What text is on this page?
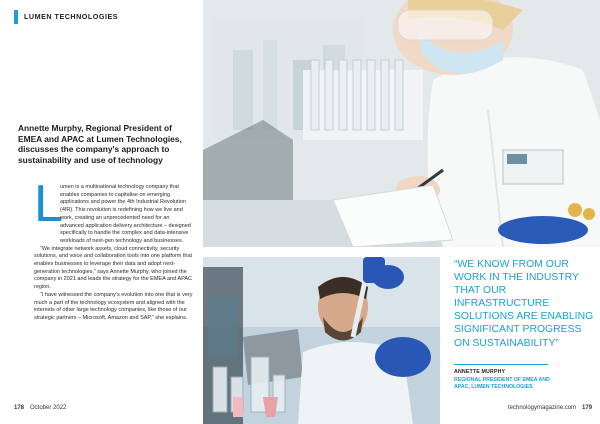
LUMEN TECHNOLOGIES
Annette Murphy, Regional President of EMEA and APAC at Lumen Technologies, discusses the company's approach to sustainability and use of technology
L

umen is a multinational technology company that enables companies to capitalise on emerging applications and power the 4th Industrial Revolution (4IR). This revolution is redefining how we live and work, creating an unprecedented need for an advanced application delivery architecture – designed specifically to handle the complex and data-intensive workloads of next-gen technology and businesses.

“We integrate network assets, cloud connectivity, security solutions, and voice and collaboration tools into one platform that enables businesses to leverage their data and adopt next-generation technologies,” says Annette Murphy, who joined the company in 2021 and leads the strategy for the EMEA and APAC region.

“I have witnessed the company’s evolution into one that is very much a part of the technology ecosystem and aligned with the interests of other large technology companies, like those of our strategic partners – Microsoft, Amazon and SAP,” she explains.

178 October 2022
“WE KNOW FROM OUR WORK IN THE INDUSTRY THAT OUR INFRASTRUCTURE SOLUTIONS ARE ENABLING SIGNIFICANT PROGRESS ON SUSTAINABILITY”
ANNETTE MURPHY
REGIONAL PRESIDENT OF EMEA AND APAC, LUMEN TECHNOLOGIES
technologymagazine.com 179
